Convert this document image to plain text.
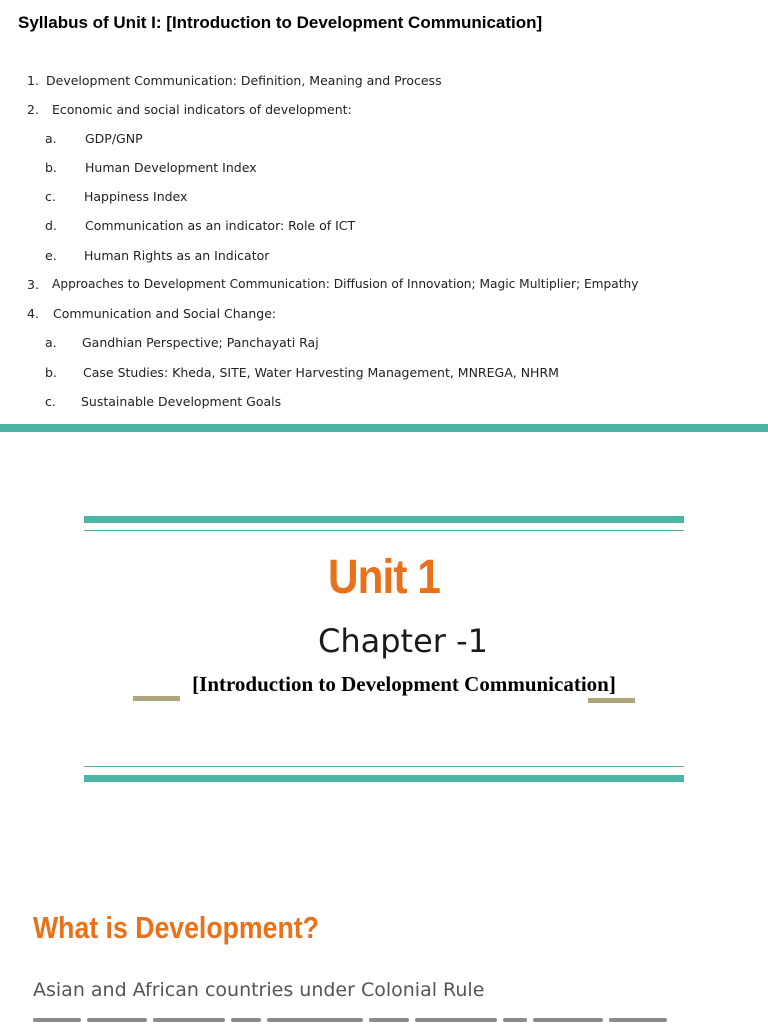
Syllabus of Unit I: [Introduction to Development Communication]
1. Development Communication: Definition, Meaning and Process
2. Economic and social indicators of development:
a. GDP/GNP
b. Human Development Index
c. Happiness Index
d. Communication as an indicator: Role of ICT
e. Human Rights as an Indicator
3. Approaches to Development Communication: Diffusion of Innovation; Magic Multiplier; Empathy
4. Communication and Social Change:
a. Gandhian Perspective; Panchayati Raj
b. Case Studies: Kheda, SITE, Water Harvesting Management, MNREGA, NHRM
c. Sustainable Development Goals
Unit 1
Chapter -1
[Introduction to Development Communication]
What is Development?
Asian and African countries under Colonial Rule
